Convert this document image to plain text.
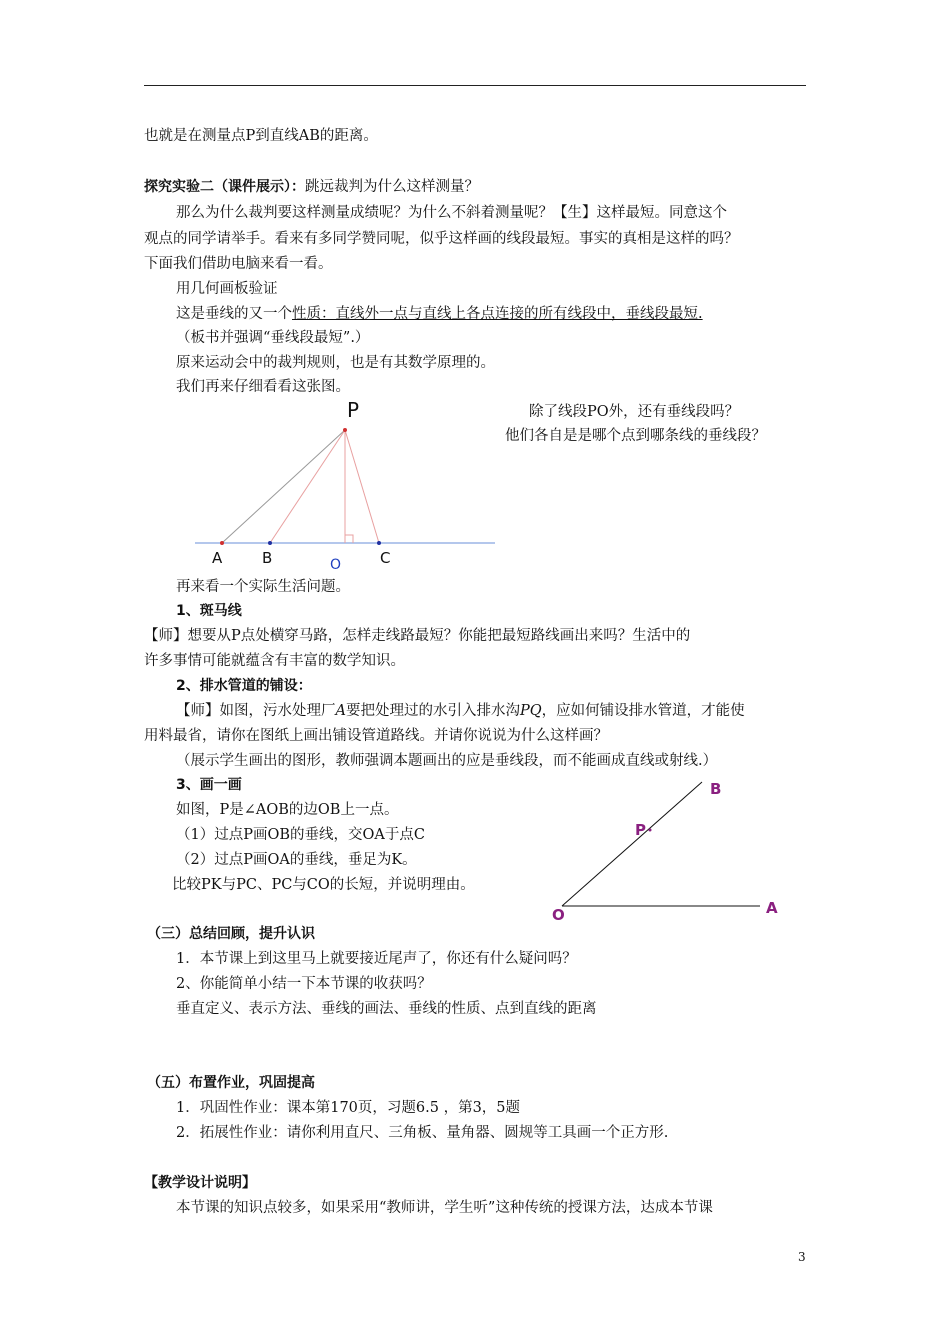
也就是在测量点P到直线AB的距离。
探究实验二（课件展示）：跳远裁判为什么这样测量？
那么为什么裁判要这样测量成绩呢？为什么不斜着测量呢？【生】这样最短。同意这个
观点的同学请举手。看来有多同学赞同呢，似乎这样画的线段最短。事实的真相是这样的吗？
下面我们借助电脑来看一看。
用几何画板验证
这是垂线的又一个性质：直线外一点与直线上各点连接的所有线段中，垂线段最短.
（板书并强调“垂线段最短”.）
原来运动会中的裁判规则，也是有其数学原理的。
我们再来仔细看看这张图。
P
A	B	O	C
除了线段PO外，还有垂线段吗？
他们各自是是哪个点到哪条线的垂线段？
再来看一个实际生活问题。
1、斑马线
【师】想要从P点处横穿马路，怎样走线路最短？你能把最短路线画出来吗？生活中的
许多事情可能就蕴含有丰富的数学知识。
2、排水管道的铺设：
【师】如图，污水处理厂A要把处理过的水引入排水沟PQ，应如何铺设排水管道，才能使
用料最省，请你在图纸上画出铺设管道路线。并请你说说为什么这样画？
（展示学生画出的图形，教师强调本题画出的应是垂线段，而不能画成直线或射线.）
3、画一画
如图，P是∠AOB的边OB上一点。
（1）过点P画OB的垂线，交OA于点C
（2）过点P画OA的垂线，垂足为K。
比较PK与PC、PC与CO的长短，并说明理由。
B
P
O	A
（三）总结回顾，提升认识
1．本节课上到这里马上就要接近尾声了，你还有什么疑问吗？
2、你能简单小结一下本节课的收获吗？
垂直定义、表示方法、垂线的画法、垂线的性质、点到直线的距离
（五）布置作业，巩固提高
1．巩固性作业：课本第170页，习题6.5 ，第3，5题
2．拓展性作业：请你利用直尺、三角板、量角器、圆规等工具画一个正方形.
【教学设计说明】
本节课的知识点较多，如果采用“教师讲，学生听”这种传统的授课方法，达成本节课
3
